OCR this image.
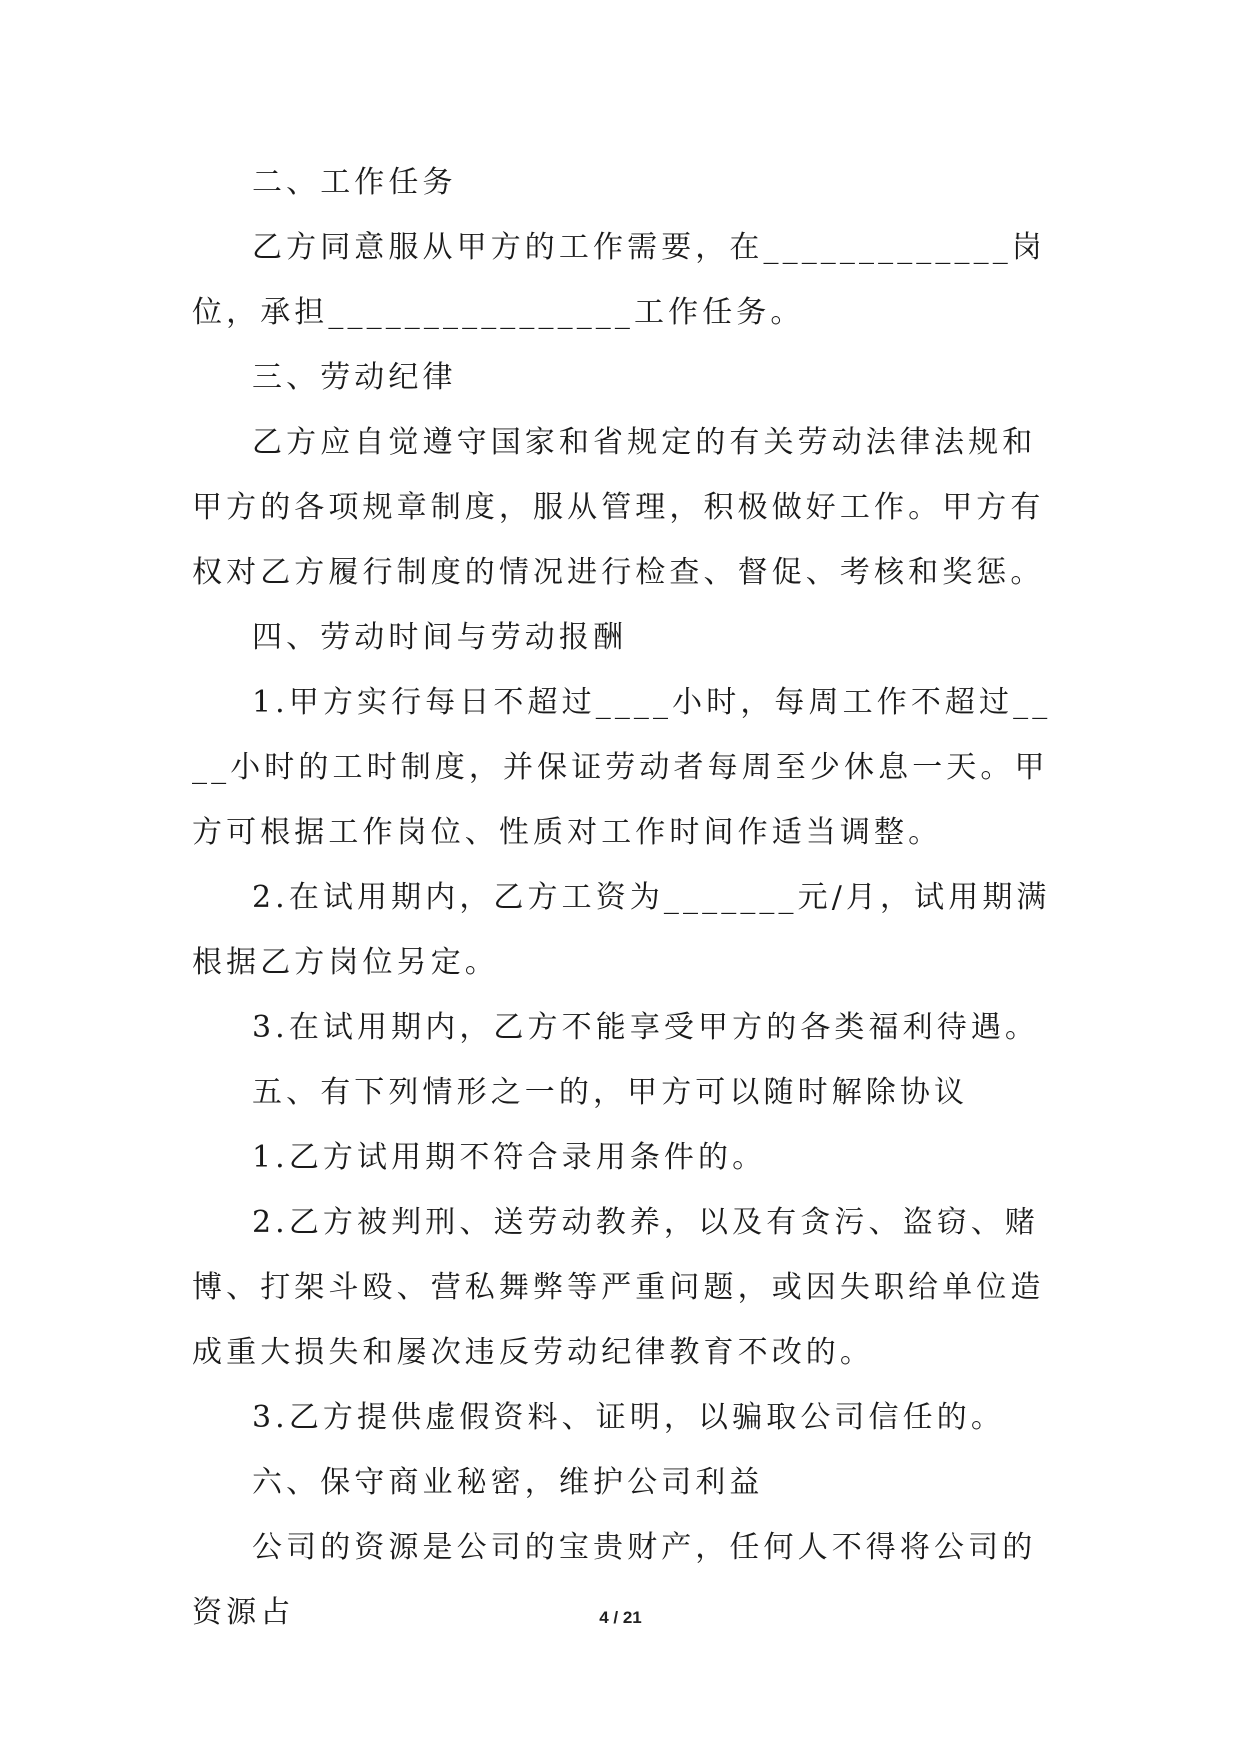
二、工作任务

乙方同意服从甲方的工作需要，在_____________岗位，承担________________工作任务。

三、劳动纪律

乙方应自觉遵守国家和省规定的有关劳动法律法规和甲方的各项规章制度，服从管理，积极做好工作。甲方有权对乙方履行制度的情况进行检查、督促、考核和奖惩。

四、劳动时间与劳动报酬

1.甲方实行每日不超过____小时，每周工作不超过____小时的工时制度，并保证劳动者每周至少休息一天。甲方可根据工作岗位、性质对工作时间作适当调整。

2.在试用期内，乙方工资为_______元/月，试用期满根据乙方岗位另定。

3.在试用期内，乙方不能享受甲方的各类福利待遇。

五、有下列情形之一的，甲方可以随时解除协议

1.乙方试用期不符合录用条件的。

2.乙方被判刑、送劳动教养，以及有贪污、盗窃、赌博、打架斗殴、营私舞弊等严重问题，或因失职给单位造成重大损失和屡次违反劳动纪律教育不改的。

3.乙方提供虚假资料、证明，以骗取公司信任的。

六、保守商业秘密，维护公司利益

公司的资源是公司的宝贵财产，任何人不得将公司的资源占	4 / 21
